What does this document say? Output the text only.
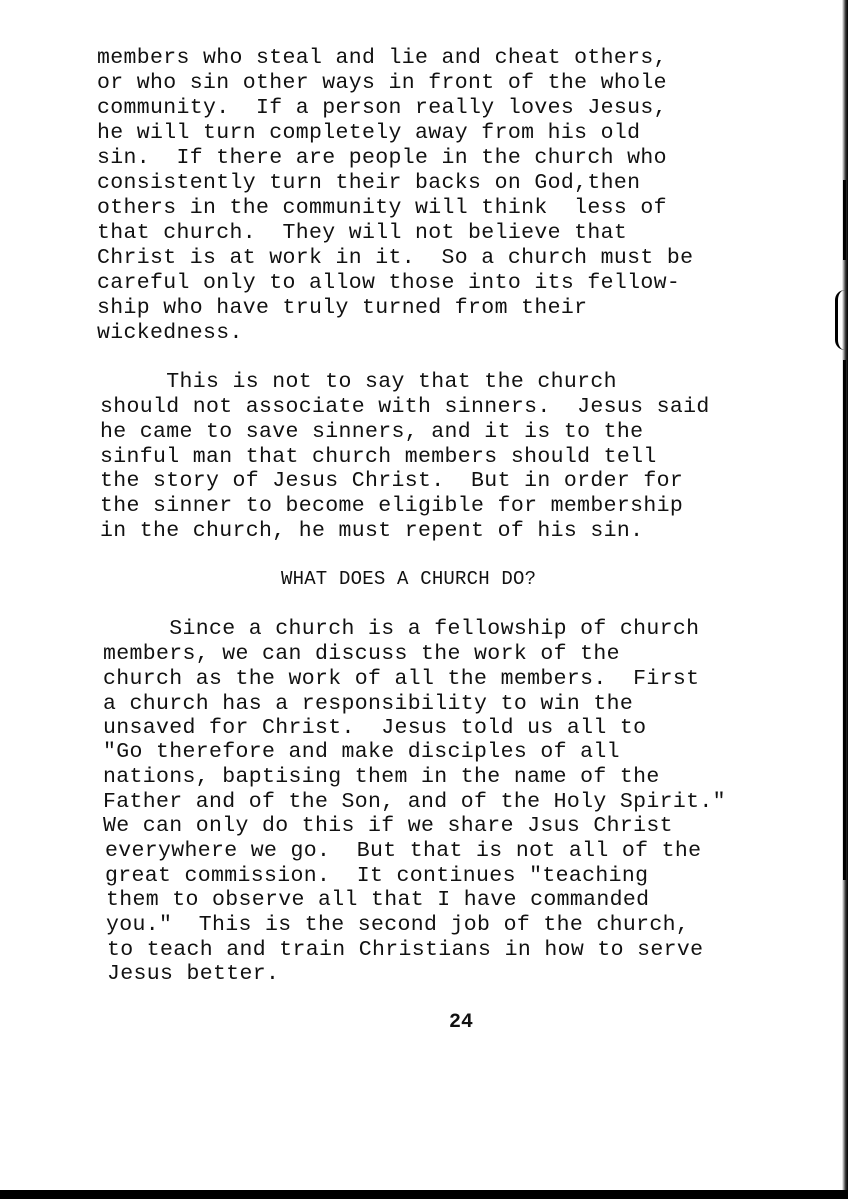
members who steal and lie and cheat others,
or who sin other ways in front of the whole
community.  If a person really loves Jesus,
he will turn completely away from his old
sin.  If there are people in the church who
consistently turn their backs on God,then
others in the community will think  less of
that church.  They will not believe that
Christ is at work in it.  So a church must be
careful only to allow those into its fellow-
ship who have truly turned from their
wickedness.
This is not to say that the church
should not associate with sinners.  Jesus said
he came to save sinners, and it is to the
sinful man that church members should tell
the story of Jesus Christ.  But in order for
the sinner to become eligible for membership
in the church, he must repent of his sin.
WHAT DOES A CHURCH DO?
Since a church is a fellowship of church
members, we can discuss the work of the
church as the work of all the members.  First
a church has a responsibility to win the
unsaved for Christ.  Jesus told us all to
"Go therefore and make disciples of all
nations, baptising them in the name of the
Father and of the Son, and of the Holy Spirit."
We can only do this if we share Jsus Christ
everywhere we go.  But that is not all of the
great commission.  It continues "teaching
them to observe all that I have commanded
you."  This is the second job of the church,
to teach and train Christians in how to serve
Jesus better.
24
